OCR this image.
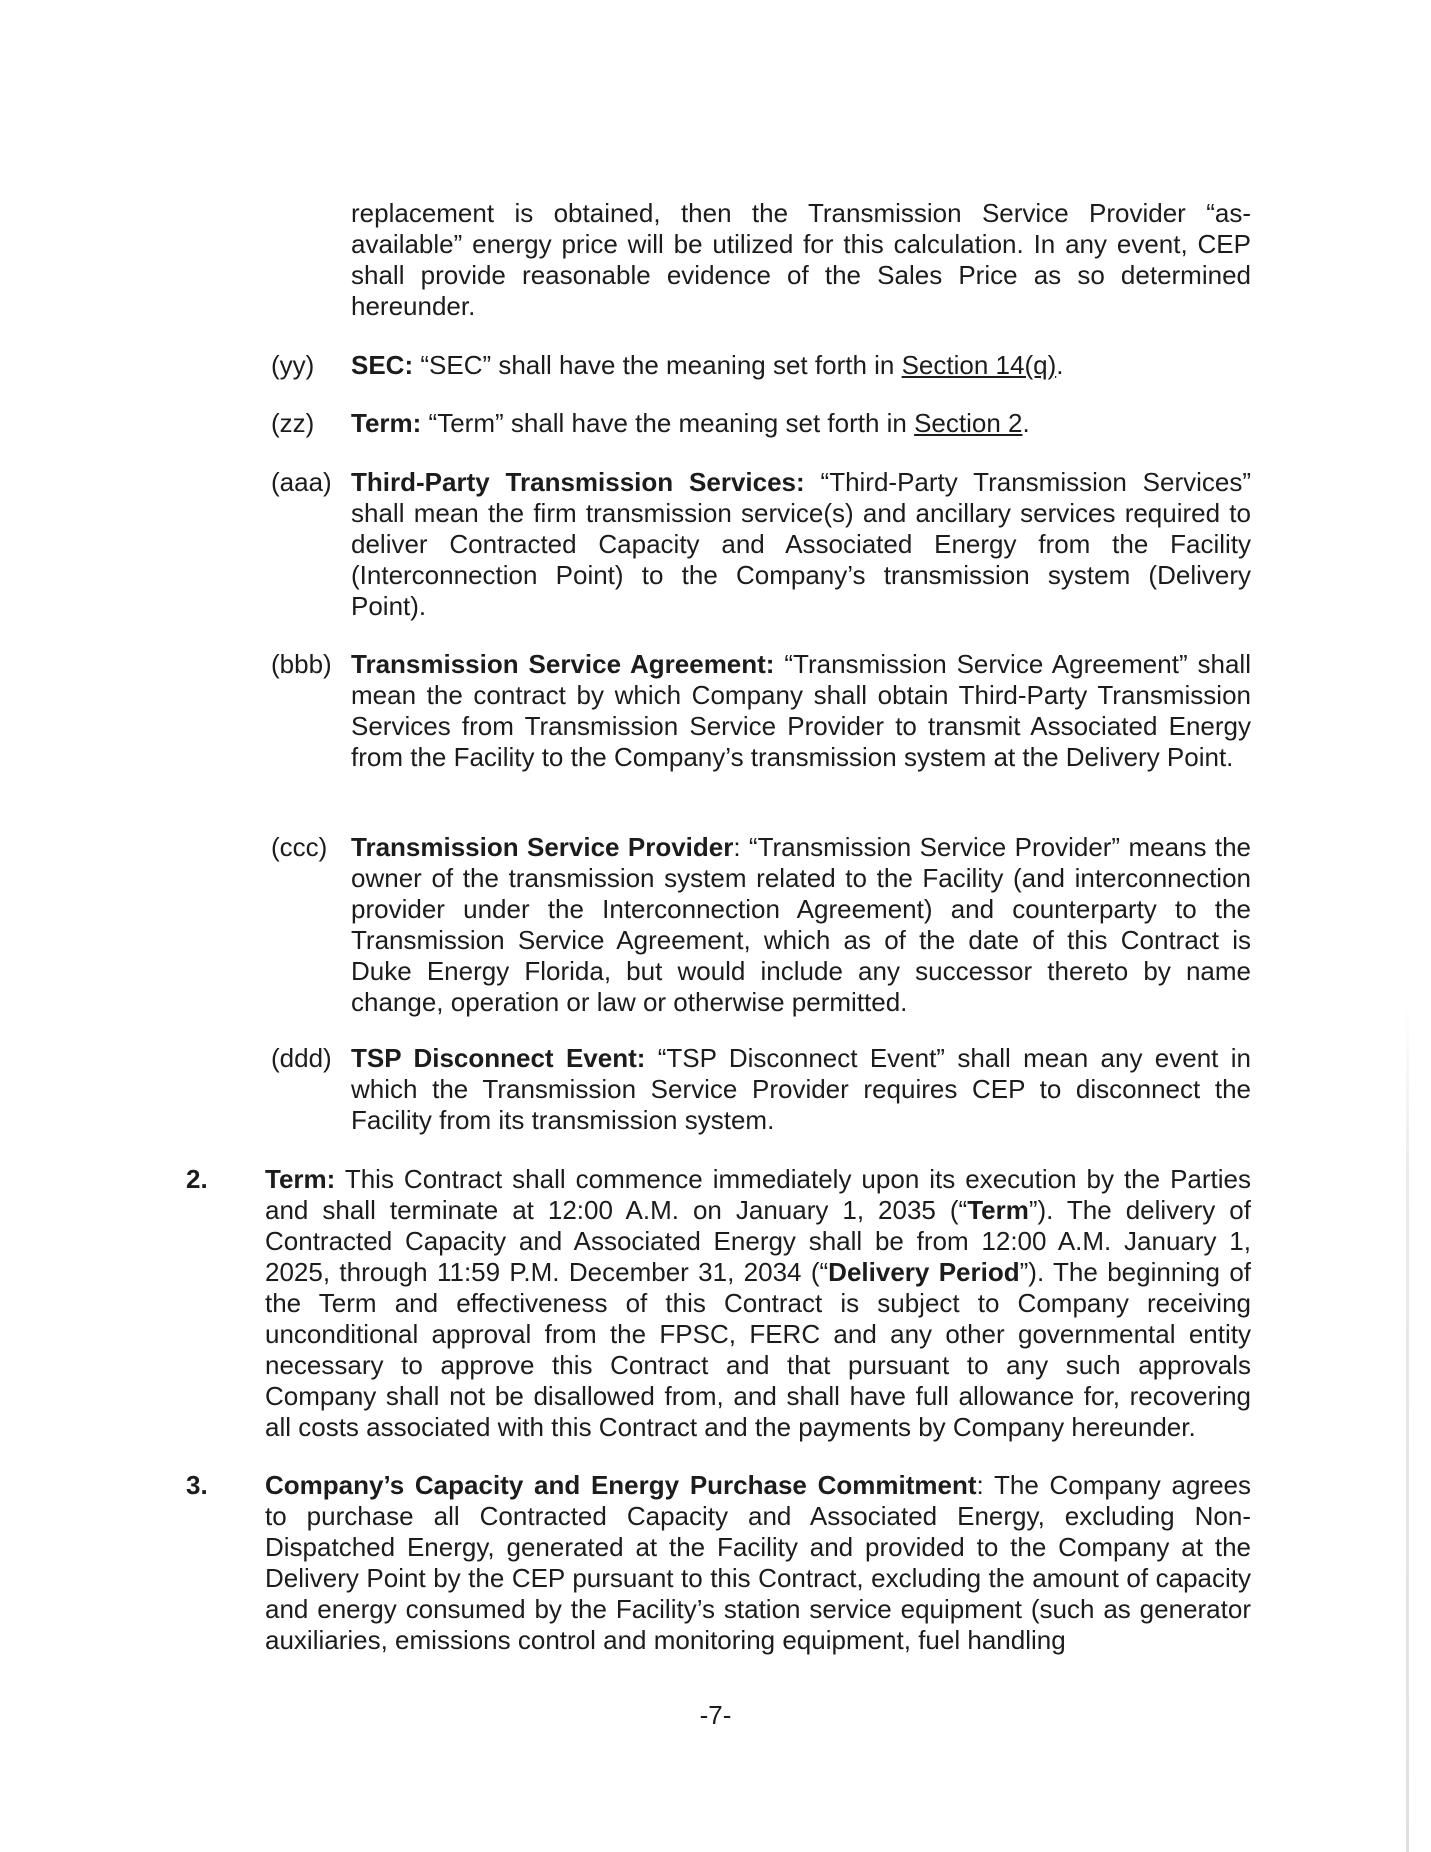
replacement is obtained, then the Transmission Service Provider “as-available” energy price will be utilized for this calculation. In any event, CEP shall provide reasonable evidence of the Sales Price as so determined hereunder.
(yy) SEC: “SEC” shall have the meaning set forth in Section 14(q).
(zz) Term: “Term” shall have the meaning set forth in Section 2.
(aaa) Third-Party Transmission Services: “Third-Party Transmission Services” shall mean the firm transmission service(s) and ancillary services required to deliver Contracted Capacity and Associated Energy from the Facility (Interconnection Point) to the Company’s transmission system (Delivery Point).
(bbb) Transmission Service Agreement: “Transmission Service Agreement” shall mean the contract by which Company shall obtain Third-Party Transmission Services from Transmission Service Provider to transmit Associated Energy from the Facility to the Company’s transmission system at the Delivery Point.
(ccc) Transmission Service Provider: “Transmission Service Provider” means the owner of the transmission system related to the Facility (and interconnection provider under the Interconnection Agreement) and counterparty to the Transmission Service Agreement, which as of the date of this Contract is Duke Energy Florida, but would include any successor thereto by name change, operation or law or otherwise permitted.
(ddd) TSP Disconnect Event: “TSP Disconnect Event” shall mean any event in which the Transmission Service Provider requires CEP to disconnect the Facility from its transmission system.
2. Term: This Contract shall commence immediately upon its execution by the Parties and shall terminate at 12:00 A.M. on January 1, 2035 (“Term”). The delivery of Contracted Capacity and Associated Energy shall be from 12:00 A.M. January 1, 2025, through 11:59 P.M. December 31, 2034 (“Delivery Period”). The beginning of the Term and effectiveness of this Contract is subject to Company receiving unconditional approval from the FPSC, FERC and any other governmental entity necessary to approve this Contract and that pursuant to any such approvals Company shall not be disallowed from, and shall have full allowance for, recovering all costs associated with this Contract and the payments by Company hereunder.
3. Company’s Capacity and Energy Purchase Commitment: The Company agrees to purchase all Contracted Capacity and Associated Energy, excluding Non-Dispatched Energy, generated at the Facility and provided to the Company at the Delivery Point by the CEP pursuant to this Contract, excluding the amount of capacity and energy consumed by the Facility’s station service equipment (such as generator auxiliaries, emissions control and monitoring equipment, fuel handling
-7-
